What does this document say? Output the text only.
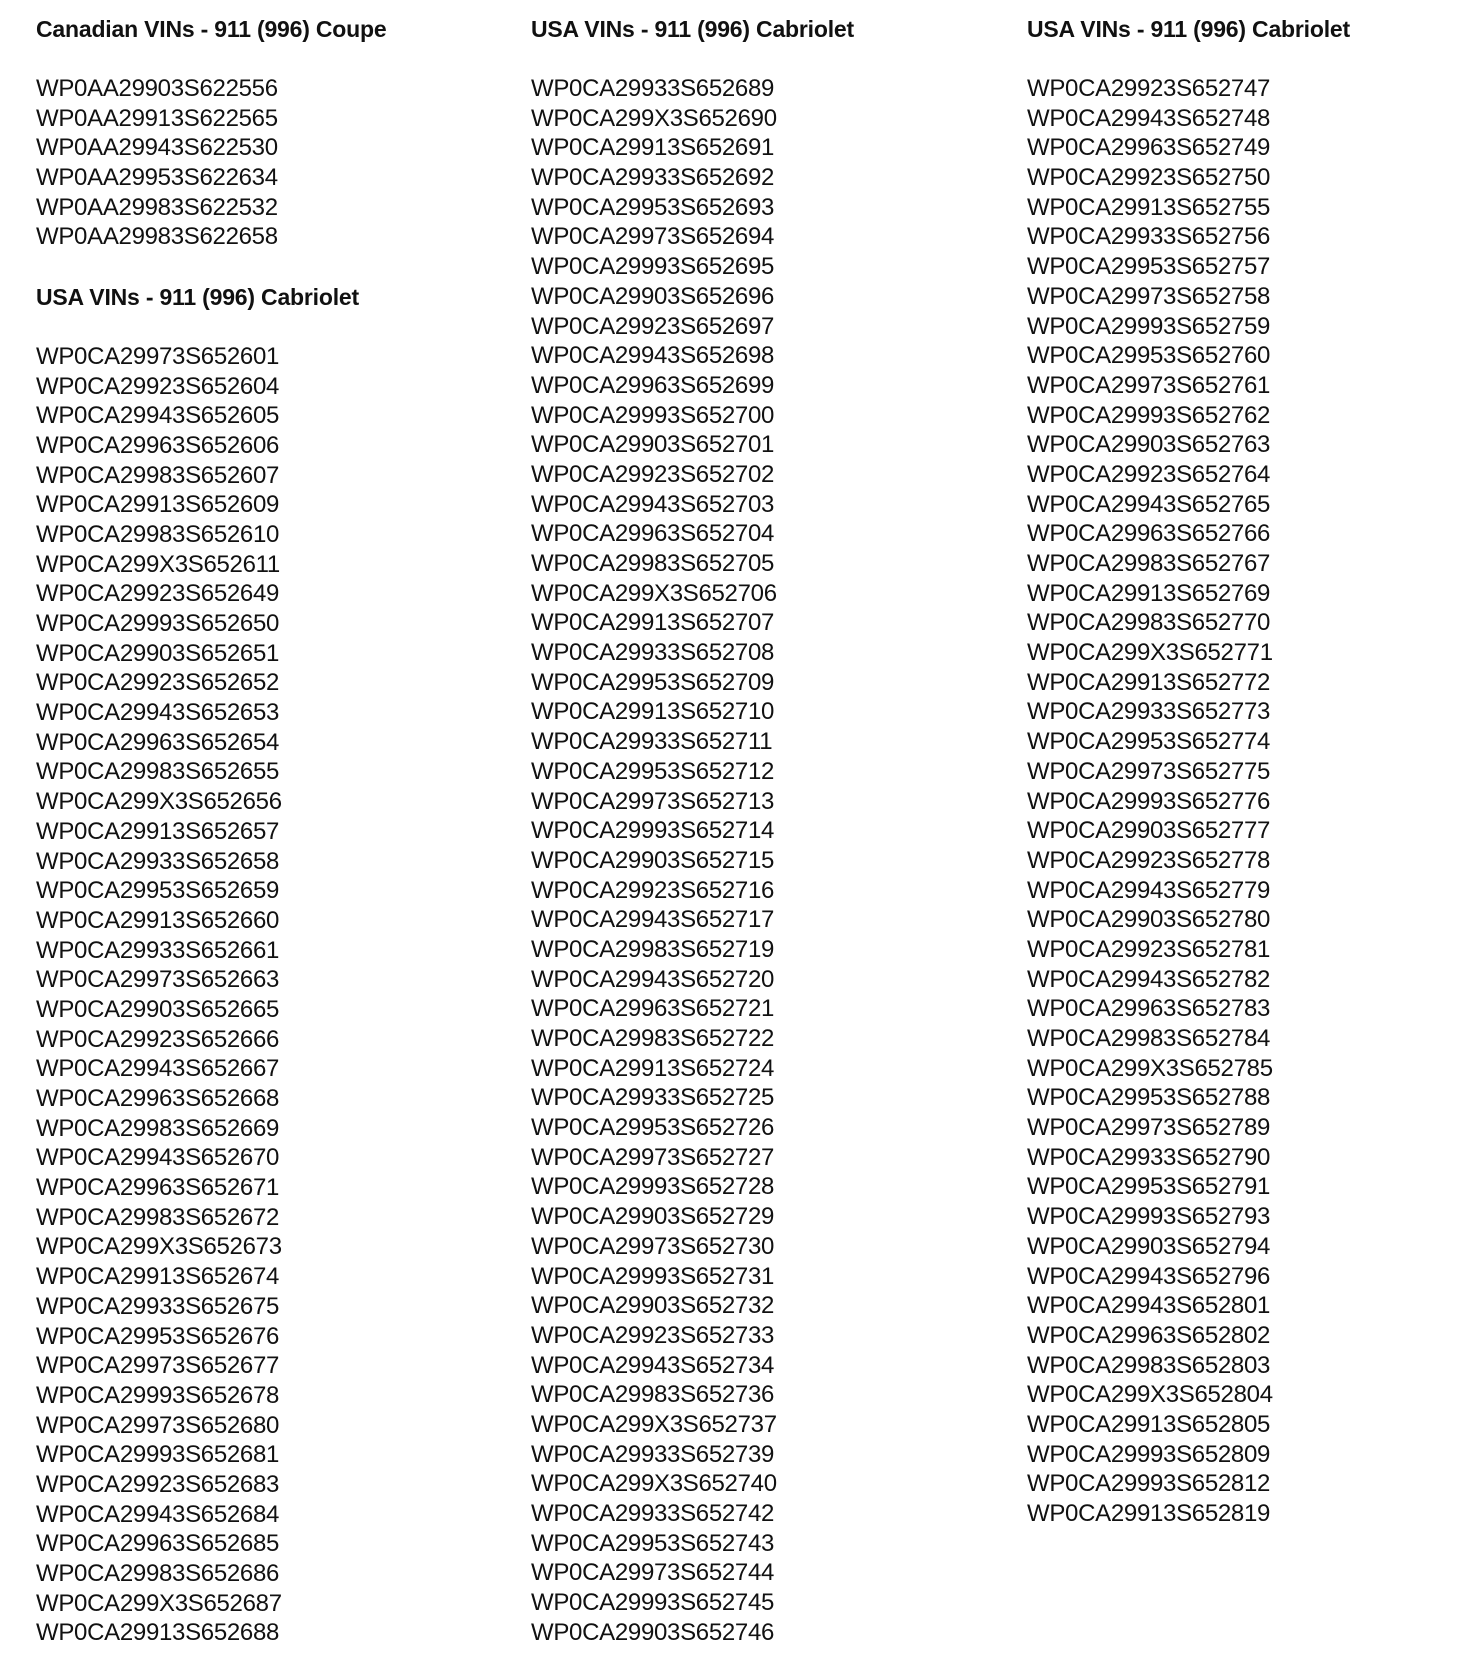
Canadian VINs - 911 (996) Coupe
WP0AA29903S622556
WP0AA29913S622565
WP0AA29943S622530
WP0AA29953S622634
WP0AA29983S622532
WP0AA29983S622658
USA VINs - 911 (996) Cabriolet
WP0CA29973S652601
WP0CA29923S652604
WP0CA29943S652605
WP0CA29963S652606
WP0CA29983S652607
WP0CA29913S652609
WP0CA29983S652610
WP0CA299X3S652611
WP0CA29923S652649
WP0CA29993S652650
WP0CA29903S652651
WP0CA29923S652652
WP0CA29943S652653
WP0CA29963S652654
WP0CA29983S652655
WP0CA299X3S652656
WP0CA29913S652657
WP0CA29933S652658
WP0CA29953S652659
WP0CA29913S652660
WP0CA29933S652661
WP0CA29973S652663
WP0CA29903S652665
WP0CA29923S652666
WP0CA29943S652667
WP0CA29963S652668
WP0CA29983S652669
WP0CA29943S652670
WP0CA29963S652671
WP0CA29983S652672
WP0CA299X3S652673
WP0CA29913S652674
WP0CA29933S652675
WP0CA29953S652676
WP0CA29973S652677
WP0CA29993S652678
WP0CA29973S652680
WP0CA29993S652681
WP0CA29923S652683
WP0CA29943S652684
WP0CA29963S652685
WP0CA29983S652686
WP0CA299X3S652687
WP0CA29913S652688
USA VINs - 911 (996) Cabriolet
WP0CA29933S652689
WP0CA299X3S652690
WP0CA29913S652691
WP0CA29933S652692
WP0CA29953S652693
WP0CA29973S652694
WP0CA29993S652695
WP0CA29903S652696
WP0CA29923S652697
WP0CA29943S652698
WP0CA29963S652699
WP0CA29993S652700
WP0CA29903S652701
WP0CA29923S652702
WP0CA29943S652703
WP0CA29963S652704
WP0CA29983S652705
WP0CA299X3S652706
WP0CA29913S652707
WP0CA29933S652708
WP0CA29953S652709
WP0CA29913S652710
WP0CA29933S652711
WP0CA29953S652712
WP0CA29973S652713
WP0CA29993S652714
WP0CA29903S652715
WP0CA29923S652716
WP0CA29943S652717
WP0CA29983S652719
WP0CA29943S652720
WP0CA29963S652721
WP0CA29983S652722
WP0CA29913S652724
WP0CA29933S652725
WP0CA29953S652726
WP0CA29973S652727
WP0CA29993S652728
WP0CA29903S652729
WP0CA29973S652730
WP0CA29993S652731
WP0CA29903S652732
WP0CA29923S652733
WP0CA29943S652734
WP0CA29983S652736
WP0CA299X3S652737
WP0CA29933S652739
WP0CA299X3S652740
WP0CA29933S652742
WP0CA29953S652743
WP0CA29973S652744
WP0CA29993S652745
WP0CA29903S652746
USA VINs - 911 (996) Cabriolet
WP0CA29923S652747
WP0CA29943S652748
WP0CA29963S652749
WP0CA29923S652750
WP0CA29913S652755
WP0CA29933S652756
WP0CA29953S652757
WP0CA29973S652758
WP0CA29993S652759
WP0CA29953S652760
WP0CA29973S652761
WP0CA29993S652762
WP0CA29903S652763
WP0CA29923S652764
WP0CA29943S652765
WP0CA29963S652766
WP0CA29983S652767
WP0CA29913S652769
WP0CA29983S652770
WP0CA299X3S652771
WP0CA29913S652772
WP0CA29933S652773
WP0CA29953S652774
WP0CA29973S652775
WP0CA29993S652776
WP0CA29903S652777
WP0CA29923S652778
WP0CA29943S652779
WP0CA29903S652780
WP0CA29923S652781
WP0CA29943S652782
WP0CA29963S652783
WP0CA29983S652784
WP0CA299X3S652785
WP0CA29953S652788
WP0CA29973S652789
WP0CA29933S652790
WP0CA29953S652791
WP0CA29993S652793
WP0CA29903S652794
WP0CA29943S652796
WP0CA29943S652801
WP0CA29963S652802
WP0CA29983S652803
WP0CA299X3S652804
WP0CA29913S652805
WP0CA29993S652809
WP0CA29993S652812
WP0CA29913S652819
